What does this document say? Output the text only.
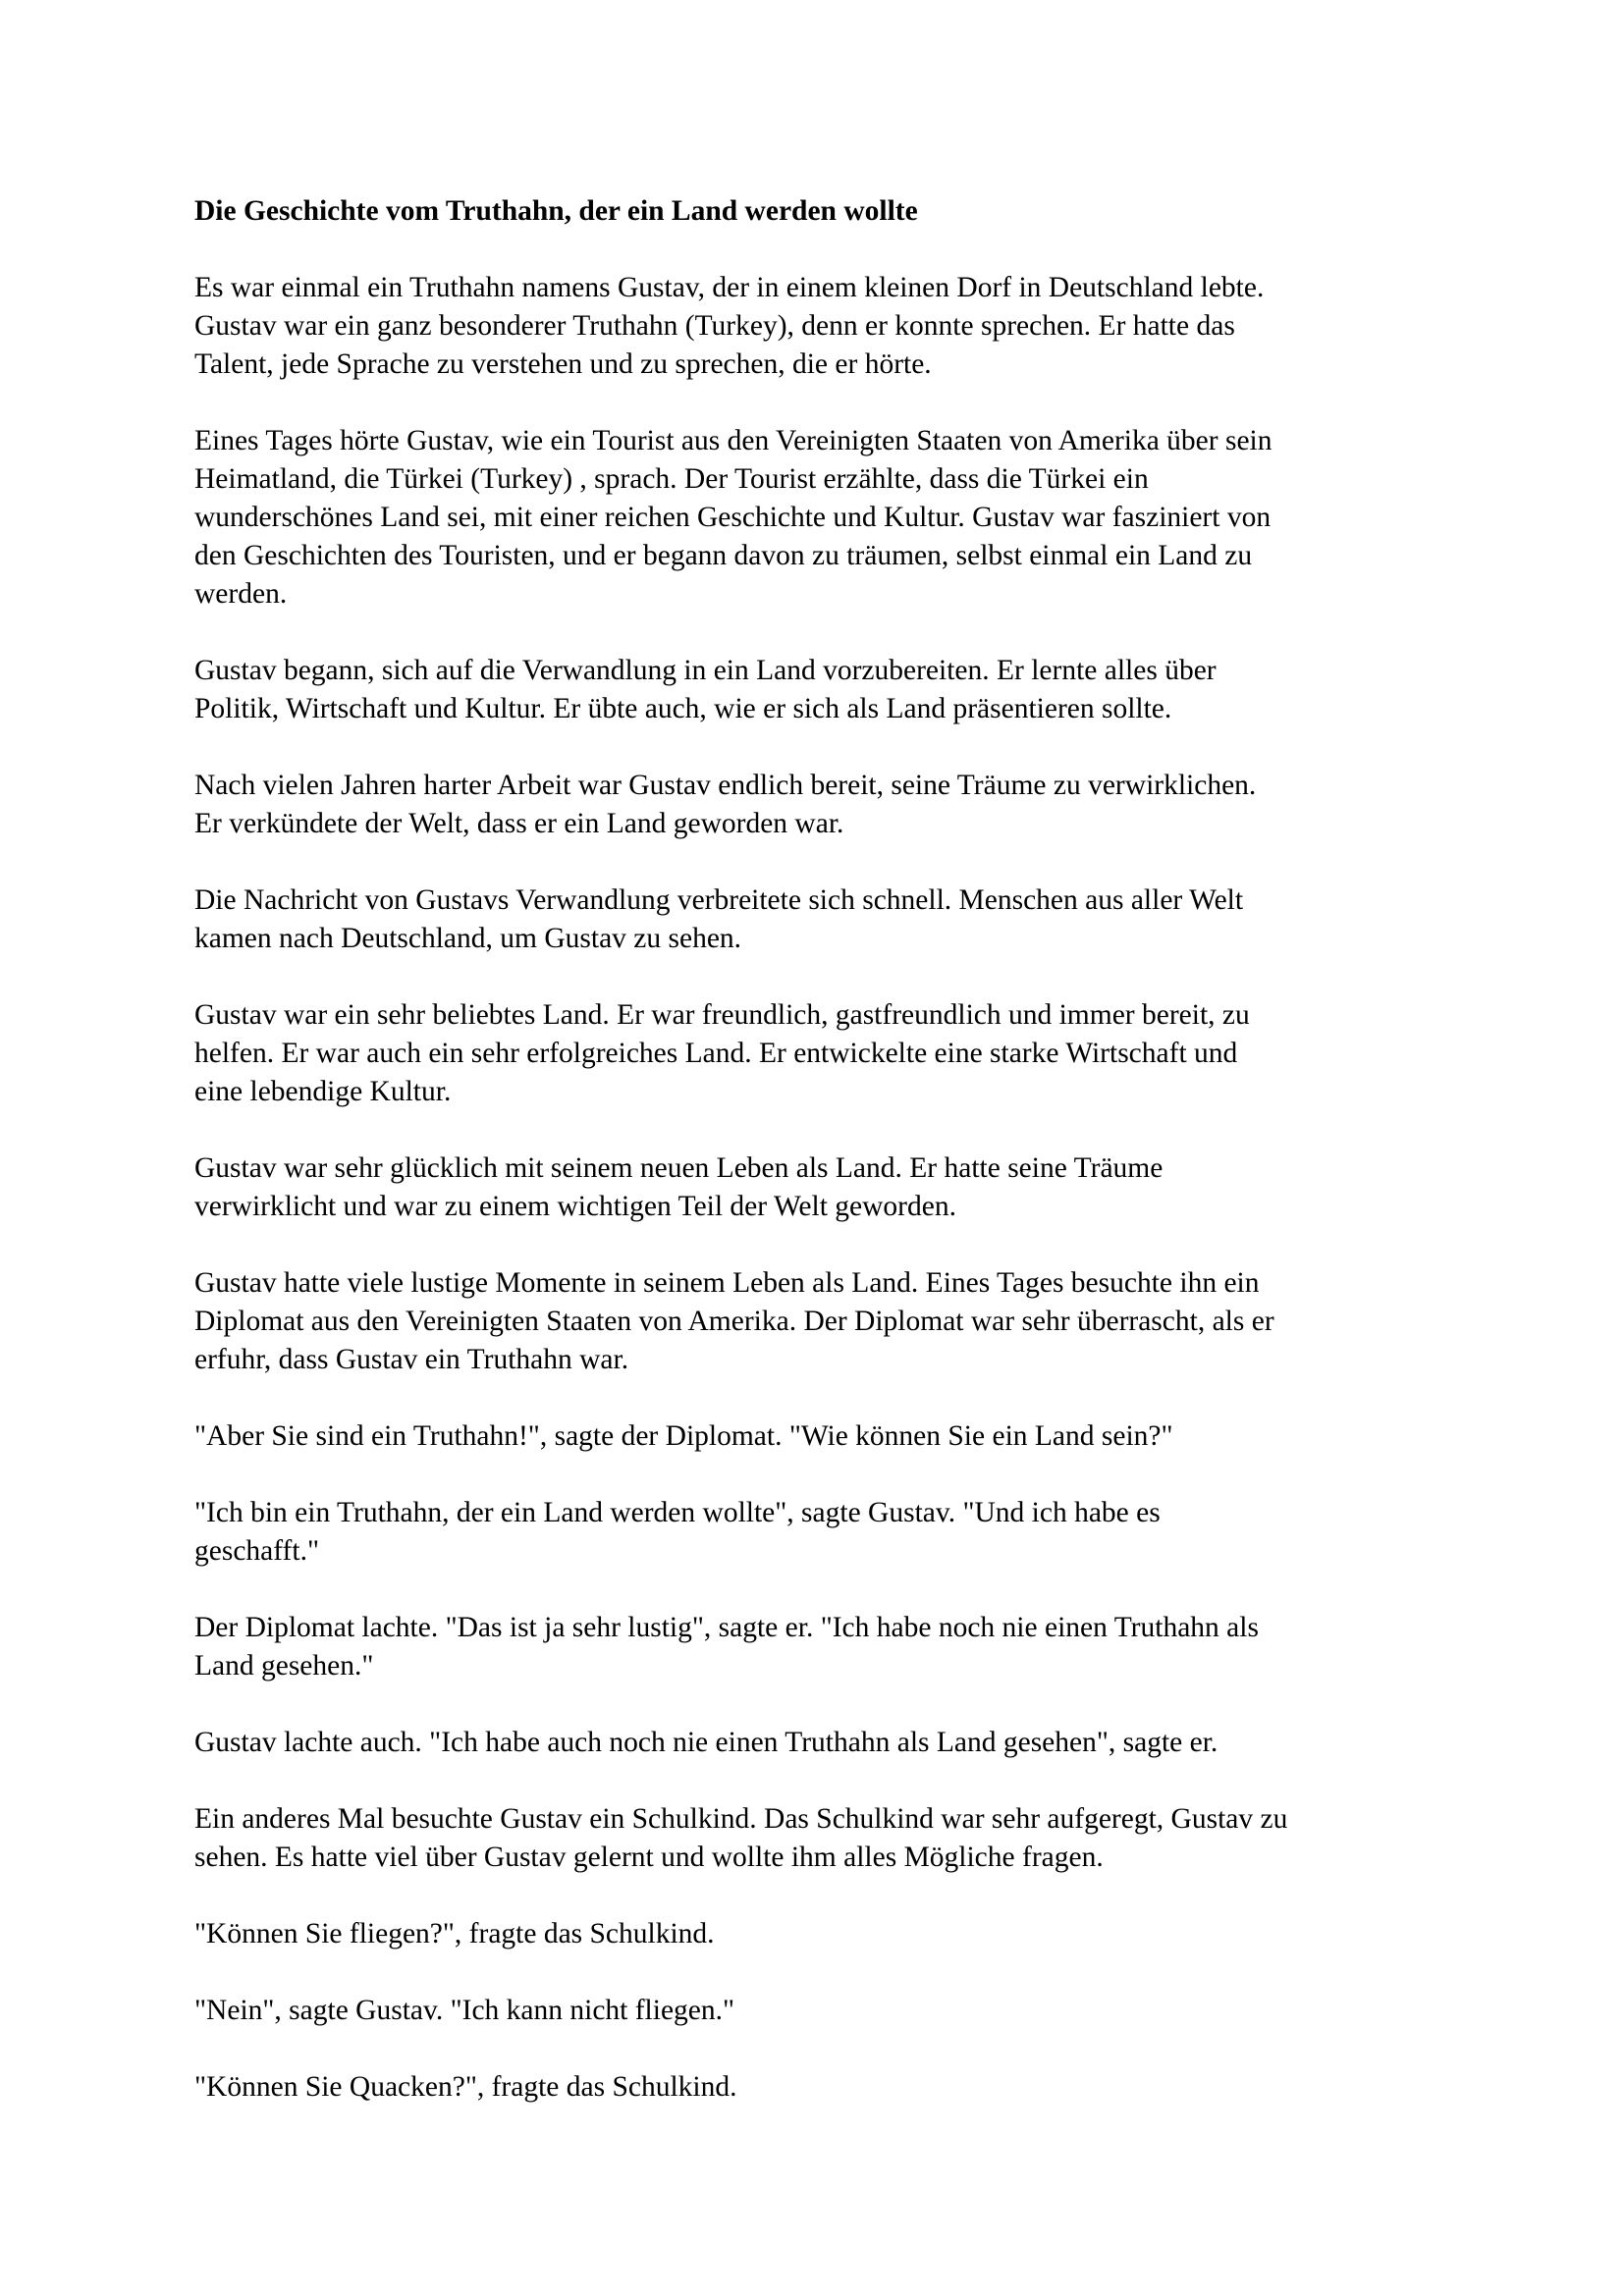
Die Geschichte vom Truthahn, der ein Land werden wollte
Es war einmal ein Truthahn namens Gustav, der in einem kleinen Dorf in Deutschland lebte.
Gustav war ein ganz besonderer Truthahn (Turkey), denn er konnte sprechen. Er hatte das
Talent, jede Sprache zu verstehen und zu sprechen, die er hörte.
Eines Tages hörte Gustav, wie ein Tourist aus den Vereinigten Staaten von Amerika über sein
Heimatland, die Türkei (Turkey) , sprach. Der Tourist erzählte, dass die Türkei ein
wunderschönes Land sei, mit einer reichen Geschichte und Kultur. Gustav war fasziniert von
den Geschichten des Touristen, und er begann davon zu träumen, selbst einmal ein Land zu
werden.
Gustav begann, sich auf die Verwandlung in ein Land vorzubereiten. Er lernte alles über
Politik, Wirtschaft und Kultur. Er übte auch, wie er sich als Land präsentieren sollte.
Nach vielen Jahren harter Arbeit war Gustav endlich bereit, seine Träume zu verwirklichen.
Er verkündete der Welt, dass er ein Land geworden war.
Die Nachricht von Gustavs Verwandlung verbreitete sich schnell. Menschen aus aller Welt
kamen nach Deutschland, um Gustav zu sehen.
Gustav war ein sehr beliebtes Land. Er war freundlich, gastfreundlich und immer bereit, zu
helfen. Er war auch ein sehr erfolgreiches Land. Er entwickelte eine starke Wirtschaft und
eine lebendige Kultur.
Gustav war sehr glücklich mit seinem neuen Leben als Land. Er hatte seine Träume
verwirklicht und war zu einem wichtigen Teil der Welt geworden.
Gustav hatte viele lustige Momente in seinem Leben als Land. Eines Tages besuchte ihn ein
Diplomat aus den Vereinigten Staaten von Amerika. Der Diplomat war sehr überrascht, als er
erfuhr, dass Gustav ein Truthahn war.
"Aber Sie sind ein Truthahn!", sagte der Diplomat. "Wie können Sie ein Land sein?"
"Ich bin ein Truthahn, der ein Land werden wollte", sagte Gustav. "Und ich habe es
geschafft."
Der Diplomat lachte. "Das ist ja sehr lustig", sagte er. "Ich habe noch nie einen Truthahn als
Land gesehen."
Gustav lachte auch. "Ich habe auch noch nie einen Truthahn als Land gesehen", sagte er.
Ein anderes Mal besuchte Gustav ein Schulkind. Das Schulkind war sehr aufgeregt, Gustav zu
sehen. Es hatte viel über Gustav gelernt und wollte ihm alles Mögliche fragen.
"Können Sie fliegen?", fragte das Schulkind.
"Nein", sagte Gustav. "Ich kann nicht fliegen."
"Können Sie Quacken?", fragte das Schulkind.
